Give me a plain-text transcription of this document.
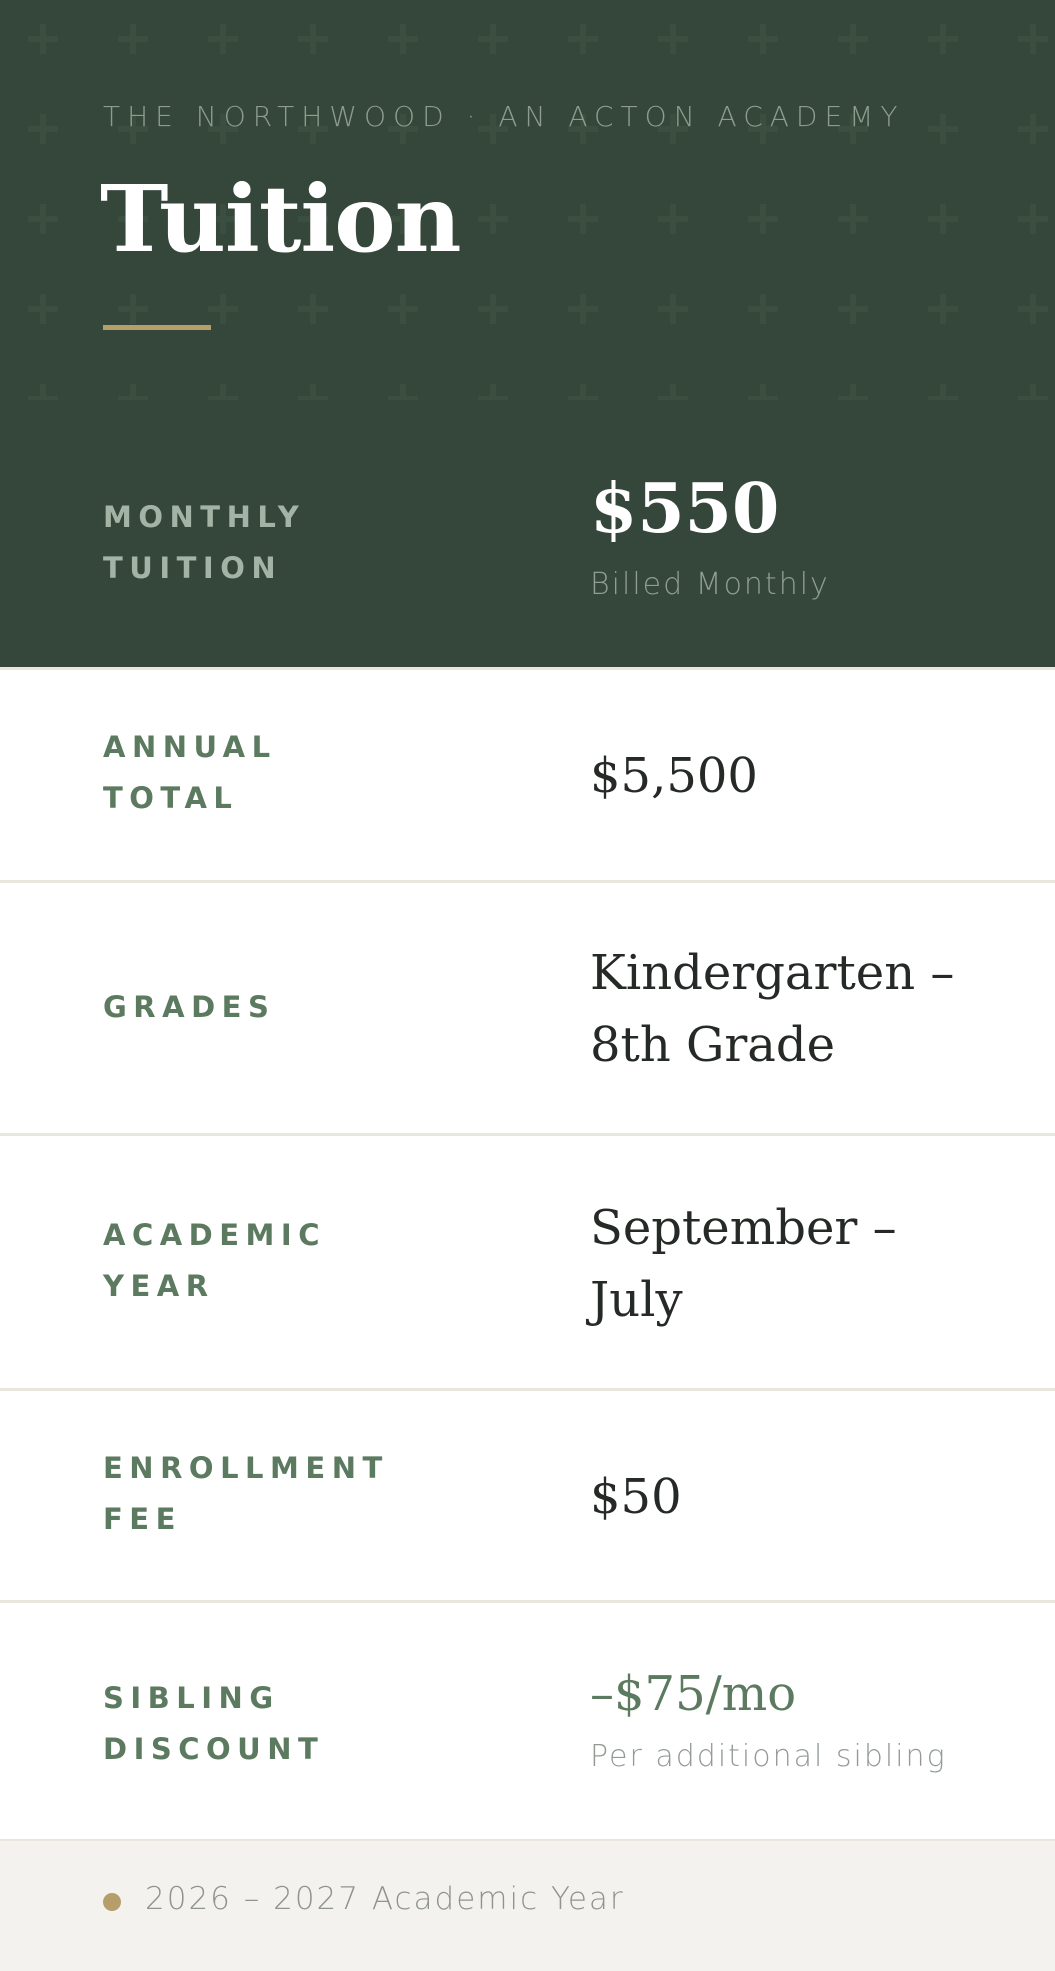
THE NORTHWOOD · AN ACTON ACADEMY
Tuition
MONTHLY
TUITION
$550
Billed Monthly
ANNUAL
TOTAL	$5,500
GRADES
Kindergarten –
8th Grade
ACADEMIC
YEAR
September –
July
ENROLLMENT
FEE	$50
SIBLING
DISCOUNT
–$75/mo
Per additional sibling
2026 – 2027 Academic Year
